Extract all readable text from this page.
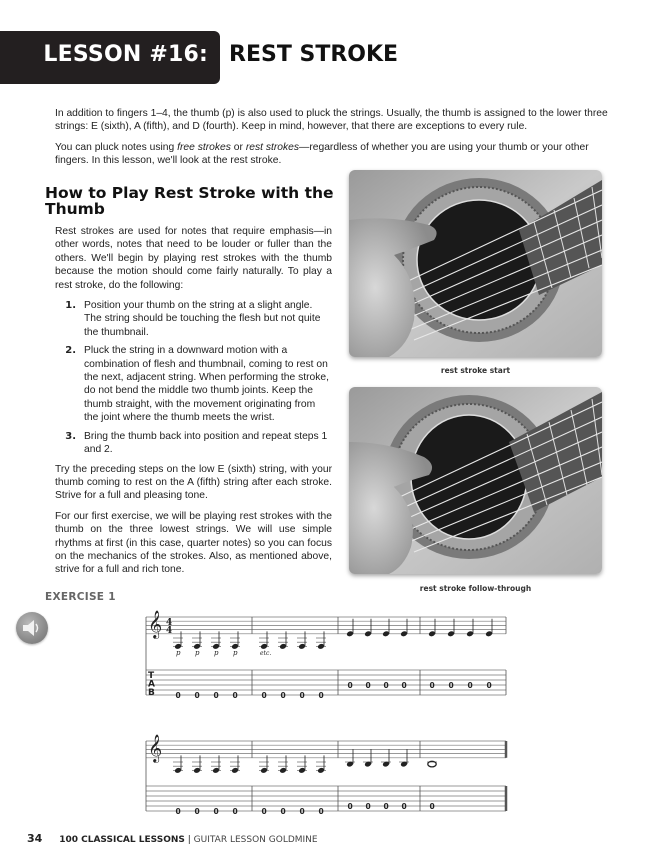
LESSON #16: REST STROKE

In addition to fingers 1–4, the thumb (p) is also used to pluck the strings. Usually, the thumb is assigned to the lower three strings: E (sixth), A (fifth), and D (fourth). Keep in mind, however, that there are exceptions to every rule.

You can pluck notes using free strokes or rest strokes—regardless of whether you are using your thumb or your other fingers. In this lesson, we'll look at the rest stroke.

How to Play Rest Stroke with the Thumb

Rest strokes are used for notes that require emphasis—in other words, notes that need to be louder or fuller than the others. We'll begin by playing rest strokes with the thumb because the motion should come fairly naturally. To play a rest stroke, do the following:

1. Position your thumb on the string at a slight angle. The string should be touching the flesh but not quite the thumbnail.
2. Pluck the string in a downward motion with a combination of flesh and thumbnail, coming to rest on the next, adjacent string. When performing the stroke, do not bend the middle two thumb joints. Keep the thumb straight, with the movement originating from the joint where the thumb meets the wrist.
3. Bring the thumb back into position and repeat steps 1 and 2.

Try the preceding steps on the low E (sixth) string, with your thumb coming to rest on the A (fifth) string after each stroke. Strive for a full and pleasing tone.

For our first exercise, we will be playing rest strokes with the thumb on the three lowest strings. We will use simple rhythms at first (in this case, quarter notes) so you can focus on the mechanics of the strokes. Also, as mentioned above, strive for a full and rich tone.

rest stroke start
rest stroke follow-through
EXERCISE 1
𝄞 4
4
T
A
B	0
p
0
p
0
p
0
p
0 0 0 0
etc.
0 0 0 0	0 0 0 0
𝄞
0 0 0 0	0 0 0 0
0 0 0 0	0
34 100 CLASSICAL LESSONS | GUITAR LESSON GOLDMINE
